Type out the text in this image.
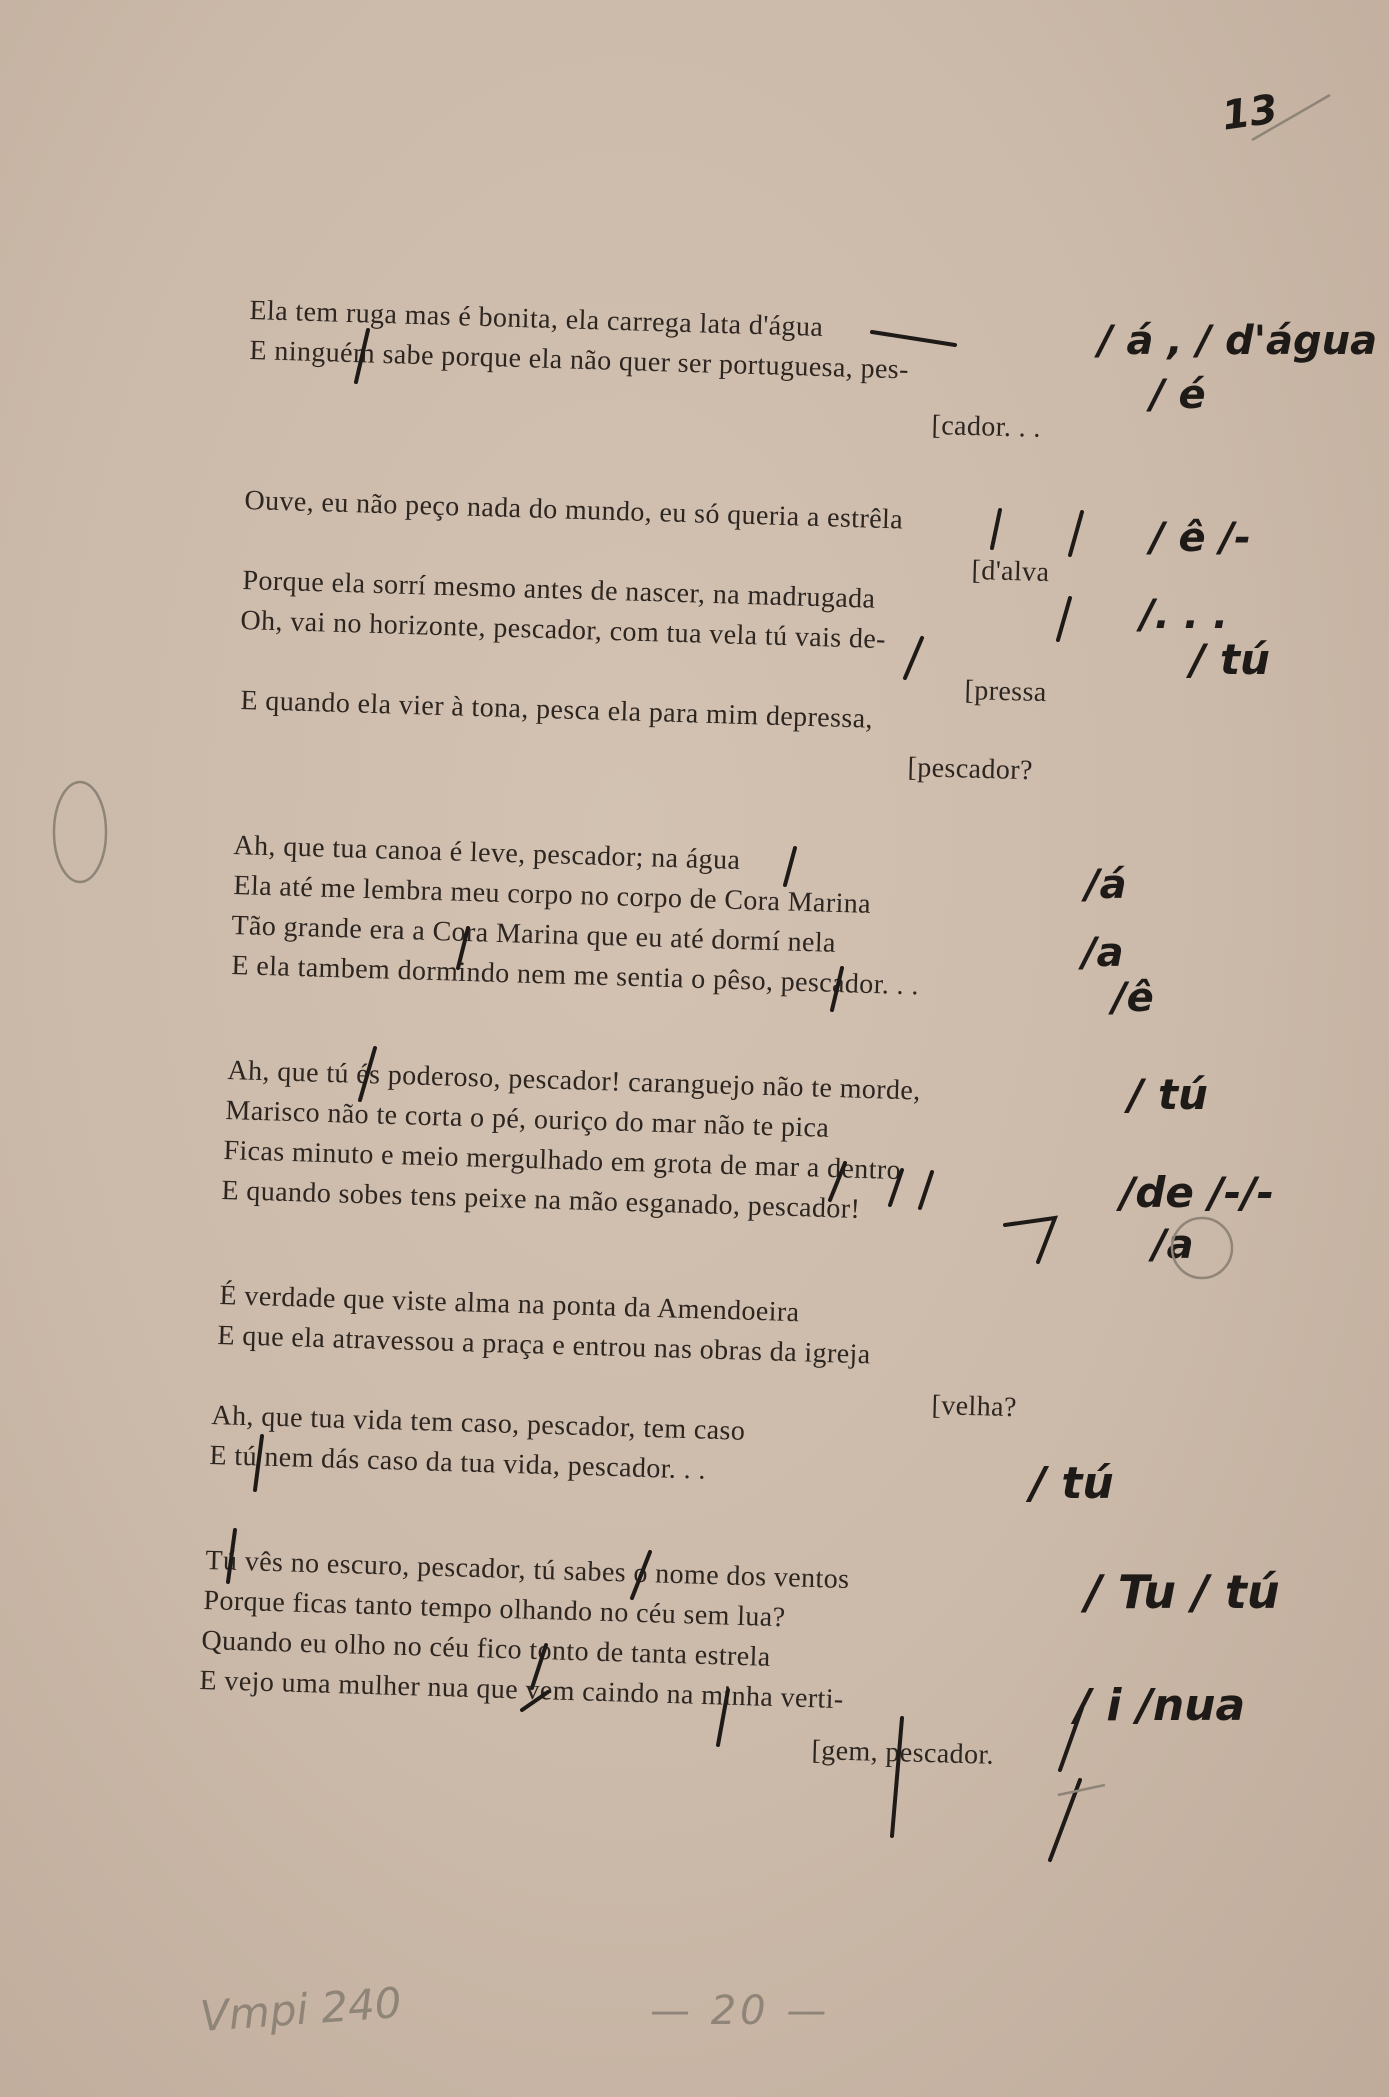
Ela tem ruga mas é bonita, ela carrega lata d'água
E ninguém sabe porque ela não quer ser portuguesa, pes-
[cador. . .
Ouve, eu não peço nada do mundo, eu só queria a estrêla
[d'alva
Porque ela sorrí mesmo antes de nascer, na madrugada
Oh, vai no horizonte, pescador, com tua vela tú vais de-
[pressa
E quando ela vier à tona, pesca ela para mim depressa,
[pescador?
Ah, que tua canoa é leve, pescador; na água
Ela até me lembra meu corpo no corpo de Cora Marina
Tão grande era a Cora Marina que eu até dormí nela
E ela tambem dormindo nem me sentia o pêso, pescador. . .
Ah, que tú és poderoso, pescador! caranguejo não te morde,
Marisco não te corta o pé, ouriço do mar não te pica
Ficas minuto e meio mergulhado em grota de mar a dentro
E quando sobes tens peixe na mão esganado, pescador!
É verdade que viste alma na ponta da Amendoeira
E que ela atravessou a praça e entrou nas obras da igreja
[velha?
Ah, que tua vida tem caso, pescador, tem caso
E tú nem dás caso da tua vida, pescador. . .
Tú vês no escuro, pescador, tú sabes o nome dos ventos
Porque ficas tanto tempo olhando no céu sem lua?
Quando eu olho no céu fico tonto de tanta estrela
E vejo uma mulher nua que vem caindo na minha verti-
[gem, pescador.
13
/ á , / d'água
/ é
/ ê /-
/. . .
/ tú
/á
/a
/ê
/ tú
/de /-/-
/a
/ tú
/ Tu / tú
/ i /nua
Vmpi 240	— 20 —
